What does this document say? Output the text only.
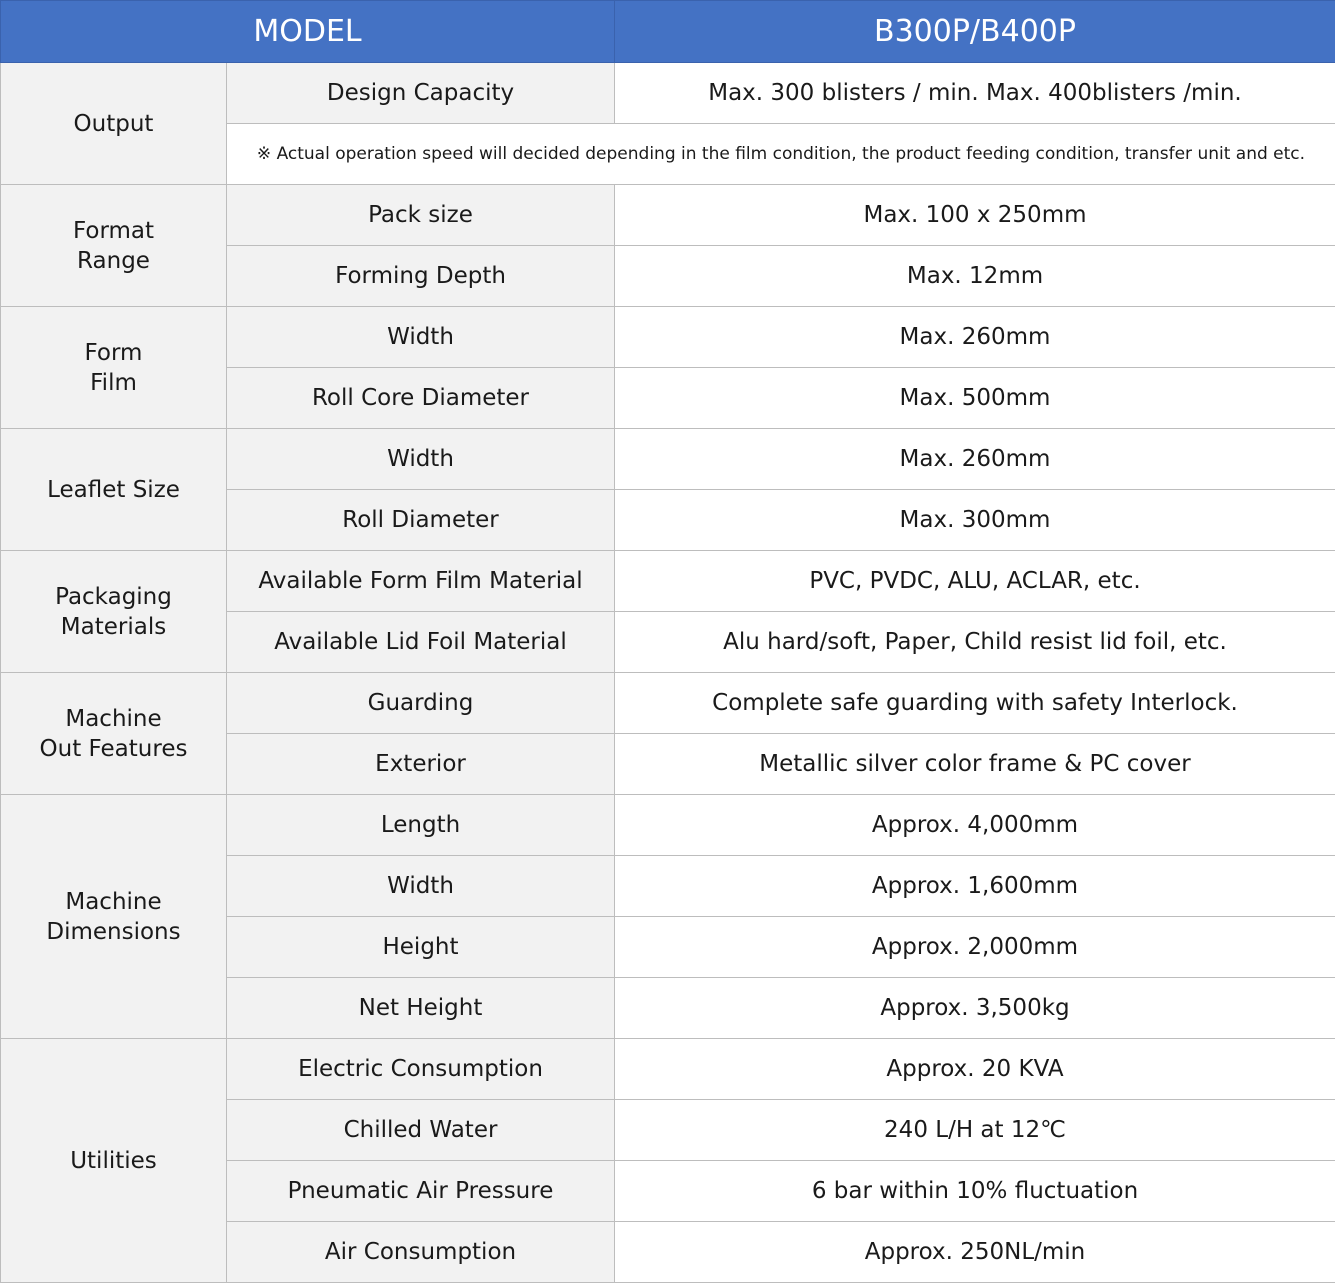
MODEL		B300P/B400P
Output	Design Capacity	Max. 300 blisters / min. Max. 400blisters /min.
	※ Actual operation speed will decided depending in the film condition, the product feeding condition, transfer unit and etc.	
Format
Range	Pack size	Max. 100 x 250mm
	Forming Depth	Max. 12mm
Form
Film	Width	Max. 260mm
	Roll Core Diameter	Max. 500mm
Leaflet Size	Width	Max. 260mm
	Roll Diameter	Max. 300mm
Packaging
Materials	Available Form Film Material	PVC, PVDC, ALU, ACLAR, etc.
	Available Lid Foil Material	Alu hard/soft, Paper, Child resist lid foil, etc.
Machine
Out Features	Guarding	Complete safe guarding with safety Interlock.
	Exterior	Metallic silver color frame & PC cover
Machine
Dimensions	Length	Approx. 4,000mm
	Width	Approx. 1,600mm
	Height	Approx. 2,000mm
	Net Height	Approx. 3,500kg
Utilities	Electric Consumption	Approx. 20 KVA
	Chilled Water	240 L/H at 12℃
	Pneumatic Air Pressure	6 bar within 10% fluctuation
	Air Consumption	Approx. 250NL/min
